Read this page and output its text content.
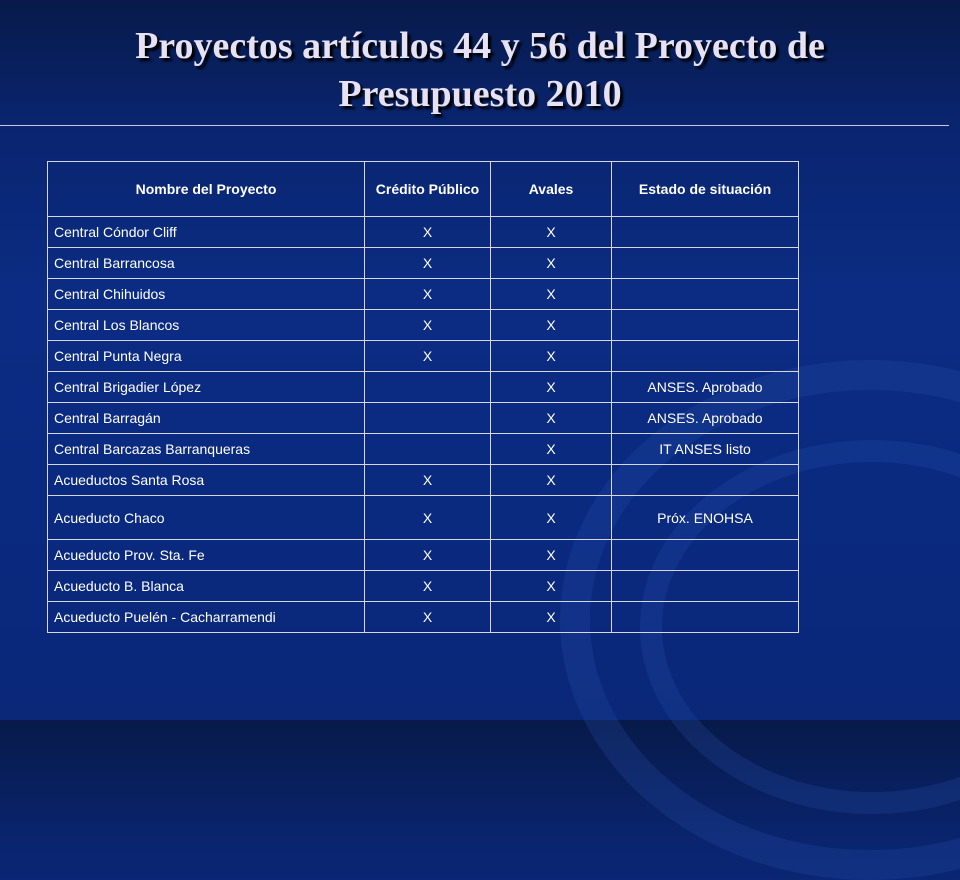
Proyectos artículos 44 y 56 del Proyecto de
Presupuesto 2010
Nombre del Proyecto	Crédito Público	Avales	Estado de situación
Central Cóndor Cliff	X	X	
Central Barrancosa	X	X	
Central Chihuidos	X	X	
Central Los Blancos	X	X	
Central Punta Negra	X	X	
Central Brigadier López		X	ANSES. Aprobado
Central Barragán		X	ANSES. Aprobado
Central Barcazas Barranqueras		X	IT ANSES listo
Acueductos Santa Rosa	X	X	
Acueducto Chaco	X	X	Próx. ENOHSA
Acueducto Prov. Sta. Fe	X	X	
Acueducto B. Blanca	X	X	
Acueducto Puelén - Cacharramendi	X	X	
